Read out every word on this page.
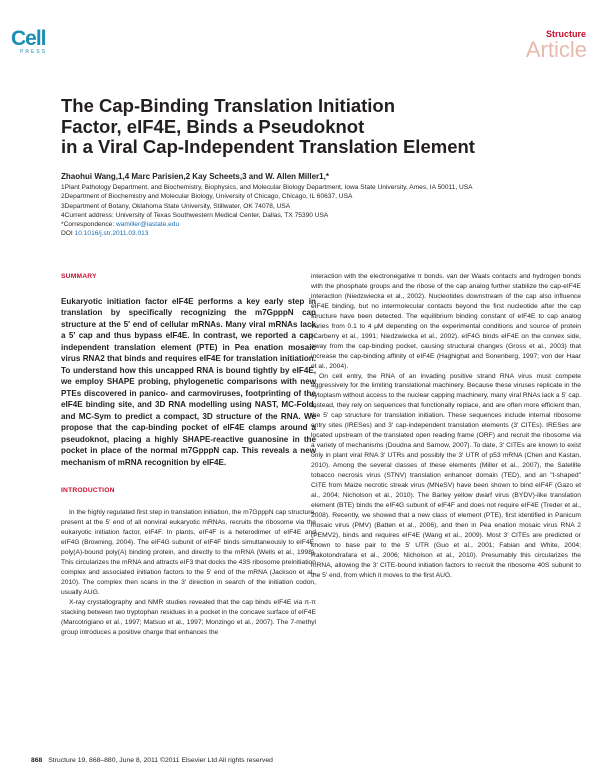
Cell
PRESS
Structure
Article
The Cap-Binding Translation Initiation
Factor, eIF4E, Binds a Pseudoknot
in a Viral Cap-Independent Translation Element
Zhaohui Wang,1,4 Marc Parisien,2 Kay Scheets,3 and W. Allen Miller1,*
1Plant Pathology Department, and Biochemistry, Biophysics, and Molecular Biology Department, Iowa State University, Ames, IA 50011, USA
2Department of Biochemistry and Molecular Biology, University of Chicago, Chicago, IL 60637, USA
3Department of Botany, Oklahoma State University, Stillwater, OK 74078, USA
4Current address: University of Texas Southwestern Medical Center, Dallas, TX 75390 USA
*Correspondence: wamiller@iastate.edu
DOI 10.1016/j.str.2011.03.013
SUMMARY

Eukaryotic initiation factor eIF4E performs a key early step in translation by specifically recognizing the m7GpppN cap structure at the 5′ end of cellular mRNAs. Many viral mRNAs lack a 5′ cap and thus bypass eIF4E. In contrast, we reported a cap-independent translation element (PTE) in Pea enation mosaic virus RNA2 that binds and requires eIF4E for translation initiation. To understand how this uncapped RNA is bound tightly by eIF4E, we employ SHAPE probing, phylogenetic comparisons with new PTEs discovered in panico- and carmoviruses, footprinting of the eIF4E binding site, and 3D RNA modelling using NAST, MC-Fold, and MC-Sym to predict a compact, 3D structure of the RNA. We propose that the cap-binding pocket of eIF4E clamps around a pseudoknot, placing a highly SHAPE-reactive guanosine in the pocket in place of the normal m7GpppN cap. This reveals a new mechanism of mRNA recognition by eIF4E.

INTRODUCTION

In the highly regulated first step in translation initiation, the m7GpppN cap structure, present at the 5′ end of all nonviral eukaryotic mRNAs, recruits the ribosome via the eukaryotic initiation factor, eIF4F. In plants, eIF4F is a heterodimer of eIF4E and eIF4G (Browning, 2004). The eIF4G subunit of eIF4F binds simultaneously to eIF4E, poly(A)-bound poly(A) binding protein, and directly to the mRNA (Wells et al., 1998). This circularizes the mRNA and attracts eIF3 that docks the 43S ribosome preinitiation complex and associated initiation factors to the 5′ end of the mRNA (Jackson et al., 2010). The complex then scans in the 3′ direction in search of the initiation codon, usually AUG.

X-ray crystallography and NMR studies revealed that the cap binds eIF4E via π-π stacking between two tryptophan residues in a pocket in the concave surface of eIF4E (Marcotrigiano et al., 1997; Matsuo et al., 1997; Monzingo et al., 2007). The 7-methyl group introduces a positive charge that enhances the

interaction with the electronegative π bonds. van der Waals contacts and hydrogen bonds with the phosphate groups and the ribose of the cap analog further stabilize the cap-eIF4E interaction (Niedzwiecka et al., 2002). Nucleotides downstream of the cap also influence eIF4E binding, but no intermolecular contacts beyond the first nucleotide after the cap structure have been detected. The equilibrium binding constant of eIF4E to cap analog varies from 0.1 to 4 μM depending on the experimental conditions and source of protein (Carberry et al., 1991; Niedzwiecka et al., 2002). eIF4G binds eIF4E on the convex side, away from the cap-binding pocket, causing structural changes (Gross et al., 2003) that increase the cap-binding affinity of eIF4E (Haghighat and Sonenberg, 1997; von der Haar et al., 2004).

On cell entry, the RNA of an invading positive strand RNA virus must compete aggressively for the limiting translational machinery. Because these viruses replicate in the cytoplasm without access to the nuclear capping machinery, many viral RNAs lack a 5′ cap. Instead, they rely on sequences that functionally replace, and are often more efficient than, the 5′ cap structure for translation initiation. These sequences include internal ribosome entry sites (IRESes) and 3′ cap-independent translation elements (3′ CITEs). IRESes are located upstream of the translated open reading frame (ORF) and recruit the ribosome via a variety of mechanisms (Doudna and Sarnow, 2007). To date, 3′ CITEs are known to exist only in plant viral RNA 3′ UTRs and possibly the 3′ UTR of p53 mRNA (Chen and Kastan, 2010). Among the several classes of these elements (Miller et al., 2007), the Satellite tobacco necrosis virus (STNV) translation enhancer domain (TED), and an "I-shaped" CITE from Maize necrotic streak virus (MNeSV) have been shown to bind eIF4F (Gazo et al., 2004; Nicholson et al., 2010). The Barley yellow dwarf virus (BYDV)-like translation element (BTE) binds the eIF4G subunit of eIF4F and does not require eIF4E (Treder et al., 2008). Recently, we showed that a new class of element (PTE), first identified in Panicum mosaic virus (PMV) (Batten et al., 2006), and then in Pea enation mosaic virus RNA 2 (PEMV2), binds and requires eIF4E (Wang et al., 2009). Most 3′ CITEs are predicted or known to base pair to the 5′ UTR (Guo et al., 2001; Fabian and White, 2004; Rakotondrafara et al., 2006; Nicholson et al., 2010). Presumably this circularizes the mRNA, allowing the 3′ CITE-bound initiation factors to recruit the ribosome 40S subunit to the 5′ end, from which it moves to the first AUG.

868 Structure 19, 868–880, June 8, 2011 ©2011 Elsevier Ltd All rights reserved
